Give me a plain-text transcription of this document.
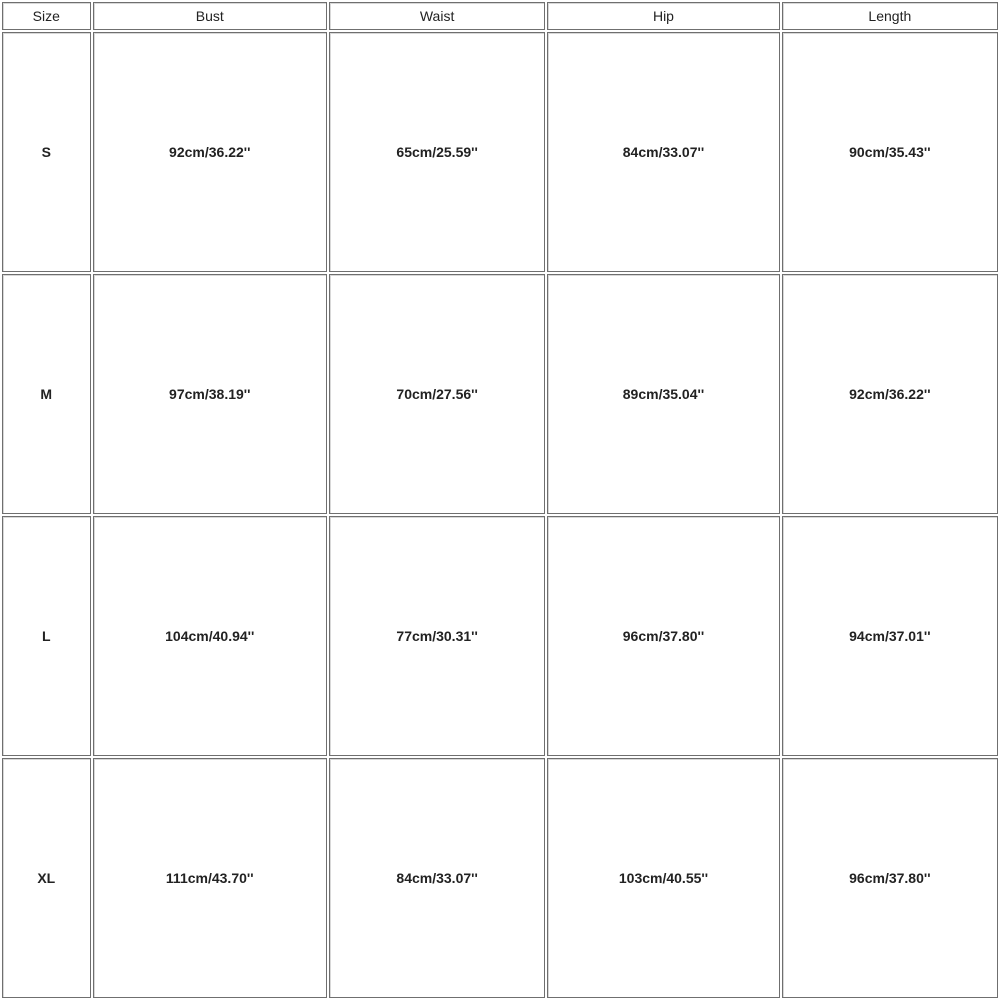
Size	Bust	Waist	Hip	Length
S	92cm/36.22''	65cm/25.59''	84cm/33.07''	90cm/35.43''
M	97cm/38.19''	70cm/27.56''	89cm/35.04''	92cm/36.22''
L	104cm/40.94''	77cm/30.31''	96cm/37.80''	94cm/37.01''
XL	111cm/43.70''	84cm/33.07''	103cm/40.55''	96cm/37.80''
